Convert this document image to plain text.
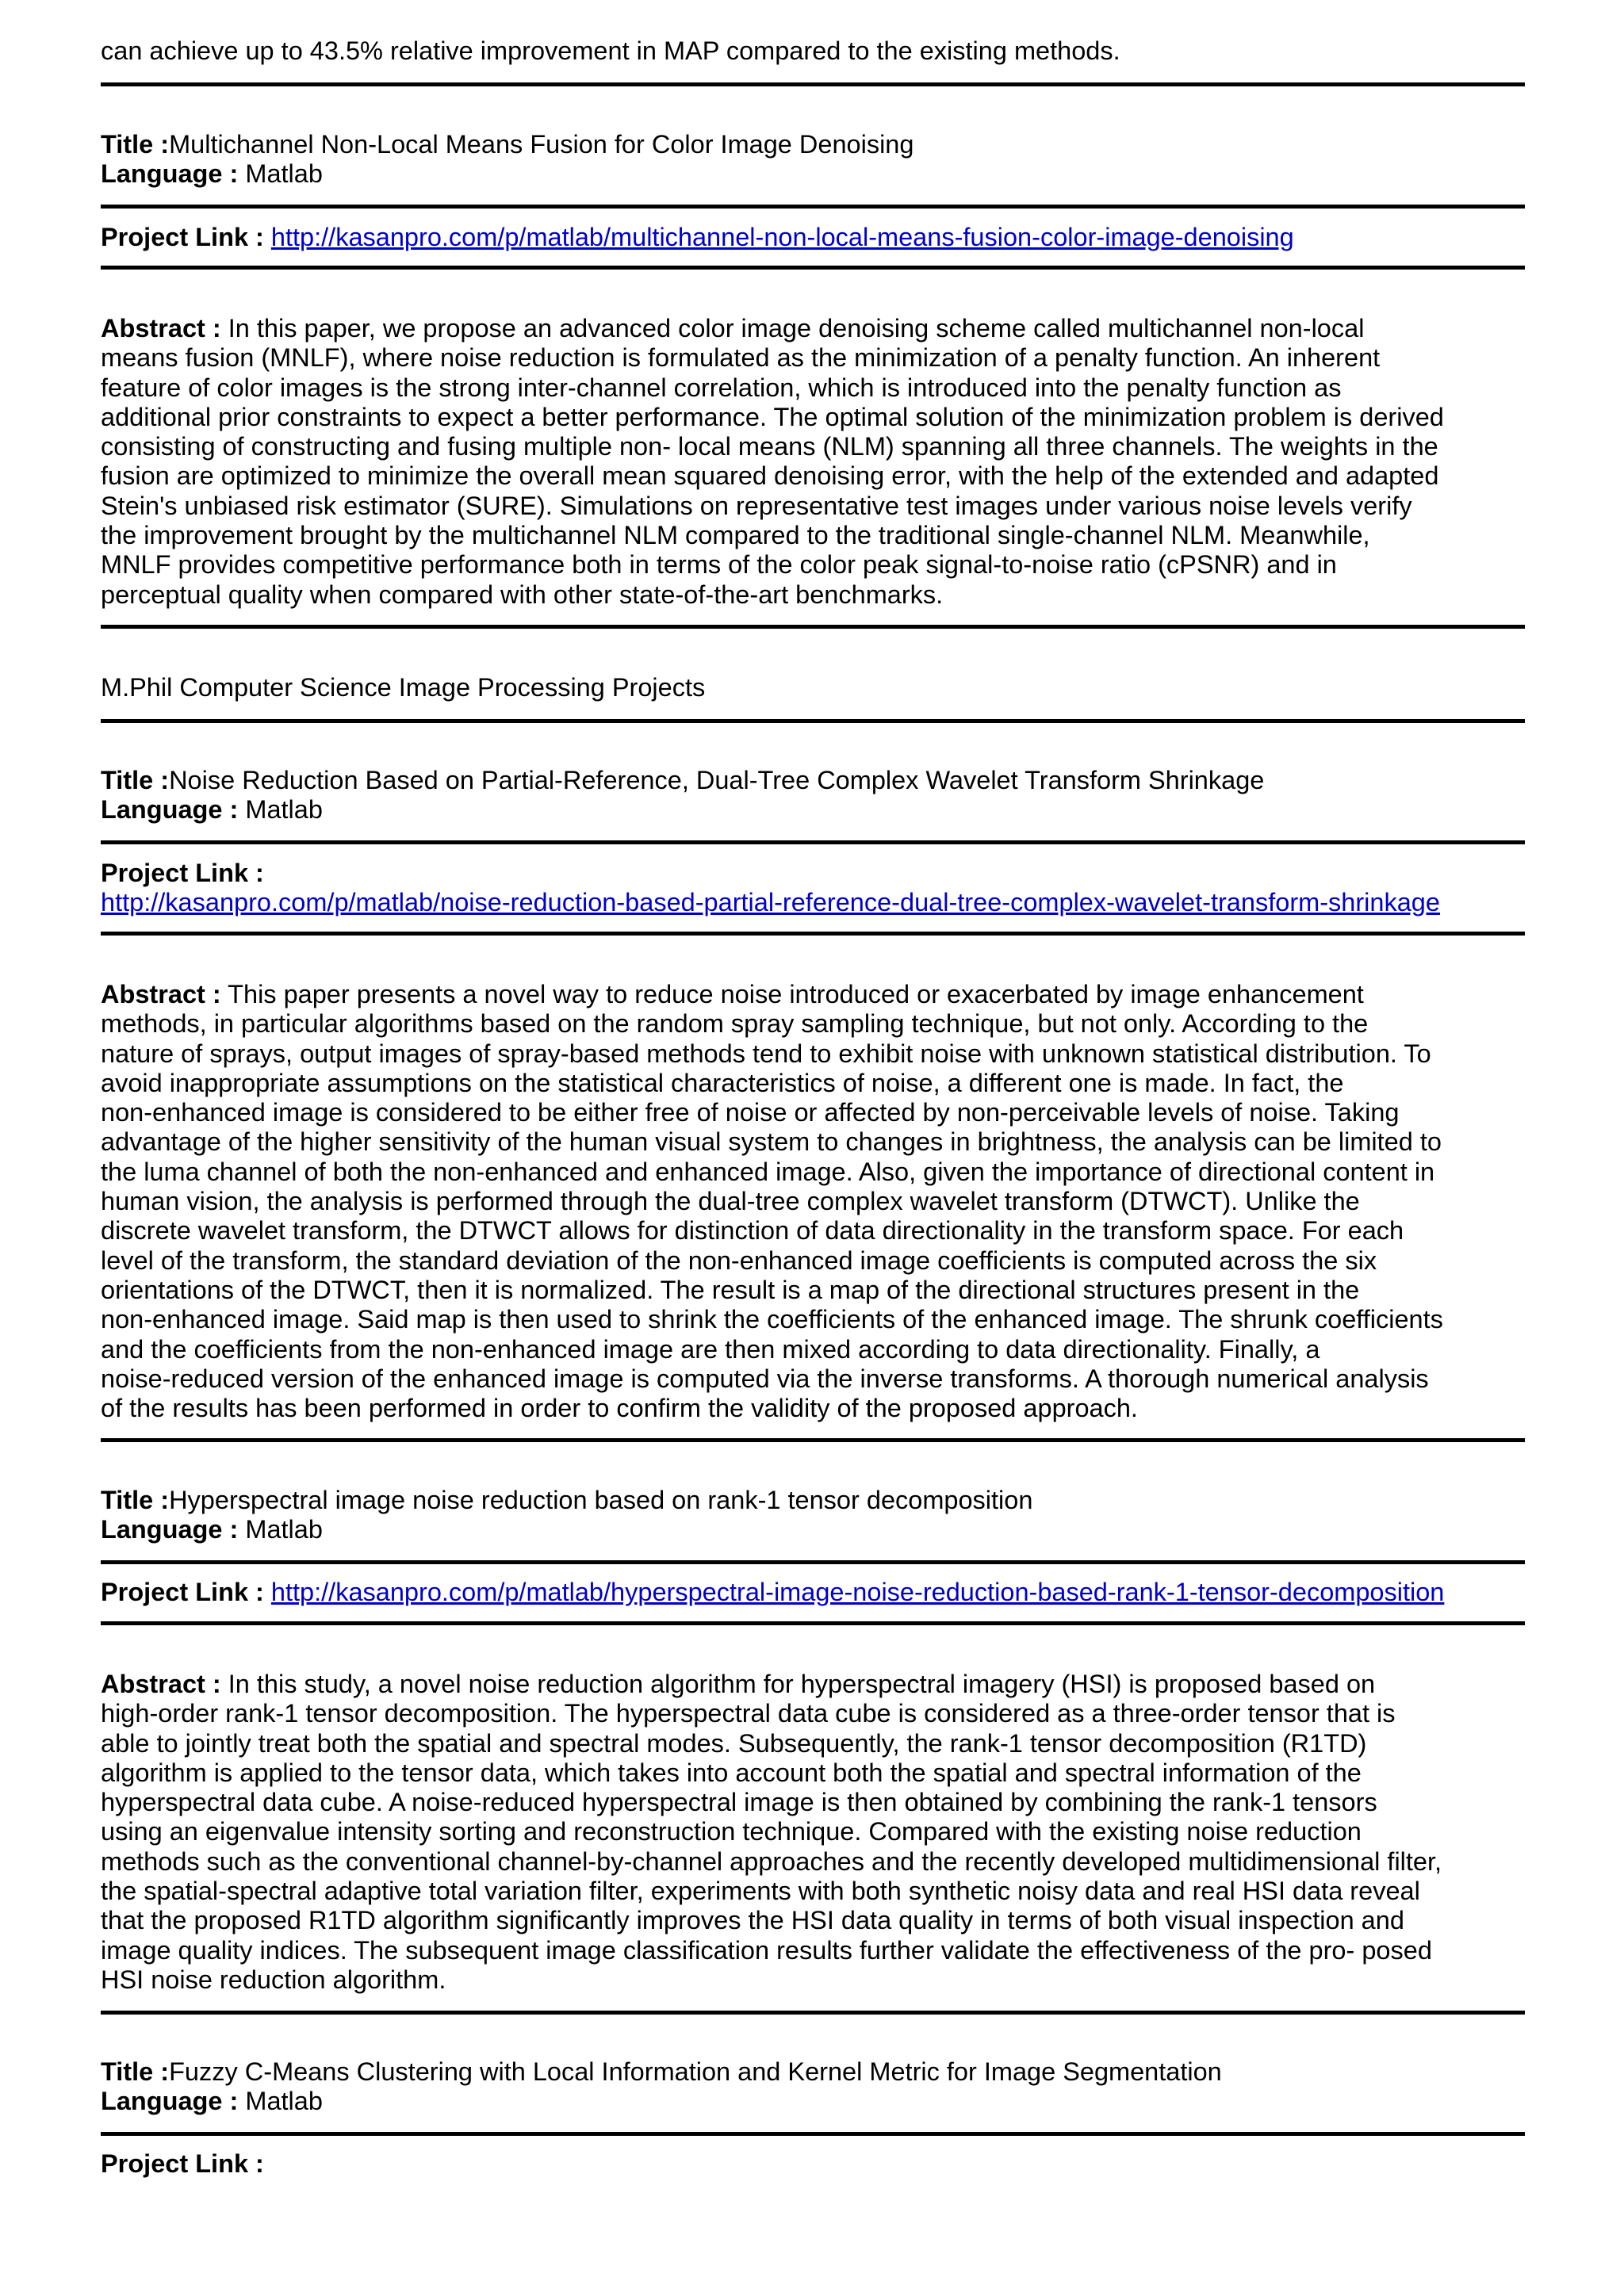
can achieve up to 43.5% relative improvement in MAP compared to the existing methods.
Title :Multichannel Non-Local Means Fusion for Color Image Denoising
Language : Matlab
Project Link : http://kasanpro.com/p/matlab/multichannel-non-local-means-fusion-color-image-denoising
Abstract : In this paper, we propose an advanced color image denoising scheme called multichannel non-local
means fusion (MNLF), where noise reduction is formulated as the minimization of a penalty function. An inherent
feature of color images is the strong inter-channel correlation, which is introduced into the penalty function as
additional prior constraints to expect a better performance. The optimal solution of the minimization problem is derived
consisting of constructing and fusing multiple non- local means (NLM) spanning all three channels. The weights in the
fusion are optimized to minimize the overall mean squared denoising error, with the help of the extended and adapted
Stein's unbiased risk estimator (SURE). Simulations on representative test images under various noise levels verify
the improvement brought by the multichannel NLM compared to the traditional single-channel NLM. Meanwhile,
MNLF provides competitive performance both in terms of the color peak signal-to-noise ratio (cPSNR) and in
perceptual quality when compared with other state-of-the-art benchmarks.
M.Phil Computer Science Image Processing Projects
Title :Noise Reduction Based on Partial-Reference, Dual-Tree Complex Wavelet Transform Shrinkage
Language : Matlab
Project Link :
http://kasanpro.com/p/matlab/noise-reduction-based-partial-reference-dual-tree-complex-wavelet-transform-shrinkage
Abstract : This paper presents a novel way to reduce noise introduced or exacerbated by image enhancement
methods, in particular algorithms based on the random spray sampling technique, but not only. According to the
nature of sprays, output images of spray-based methods tend to exhibit noise with unknown statistical distribution. To
avoid inappropriate assumptions on the statistical characteristics of noise, a different one is made. In fact, the
non-enhanced image is considered to be either free of noise or affected by non-perceivable levels of noise. Taking
advantage of the higher sensitivity of the human visual system to changes in brightness, the analysis can be limited to
the luma channel of both the non-enhanced and enhanced image. Also, given the importance of directional content in
human vision, the analysis is performed through the dual-tree complex wavelet transform (DTWCT). Unlike the
discrete wavelet transform, the DTWCT allows for distinction of data directionality in the transform space. For each
level of the transform, the standard deviation of the non-enhanced image coefficients is computed across the six
orientations of the DTWCT, then it is normalized. The result is a map of the directional structures present in the
non-enhanced image. Said map is then used to shrink the coefficients of the enhanced image. The shrunk coefficients
and the coefficients from the non-enhanced image are then mixed according to data directionality. Finally, a
noise-reduced version of the enhanced image is computed via the inverse transforms. A thorough numerical analysis
of the results has been performed in order to confirm the validity of the proposed approach.
Title :Hyperspectral image noise reduction based on rank-1 tensor decomposition
Language : Matlab
Project Link : http://kasanpro.com/p/matlab/hyperspectral-image-noise-reduction-based-rank-1-tensor-decomposition
Abstract : In this study, a novel noise reduction algorithm for hyperspectral imagery (HSI) is proposed based on
high-order rank-1 tensor decomposition. The hyperspectral data cube is considered as a three-order tensor that is
able to jointly treat both the spatial and spectral modes. Subsequently, the rank-1 tensor decomposition (R1TD)
algorithm is applied to the tensor data, which takes into account both the spatial and spectral information of the
hyperspectral data cube. A noise-reduced hyperspectral image is then obtained by combining the rank-1 tensors
using an eigenvalue intensity sorting and reconstruction technique. Compared with the existing noise reduction
methods such as the conventional channel-by-channel approaches and the recently developed multidimensional filter,
the spatial-spectral adaptive total variation filter, experiments with both synthetic noisy data and real HSI data reveal
that the proposed R1TD algorithm significantly improves the HSI data quality in terms of both visual inspection and
image quality indices. The subsequent image classification results further validate the effectiveness of the pro- posed
HSI noise reduction algorithm.
Title :Fuzzy C-Means Clustering with Local Information and Kernel Metric for Image Segmentation
Language : Matlab
Project Link :
